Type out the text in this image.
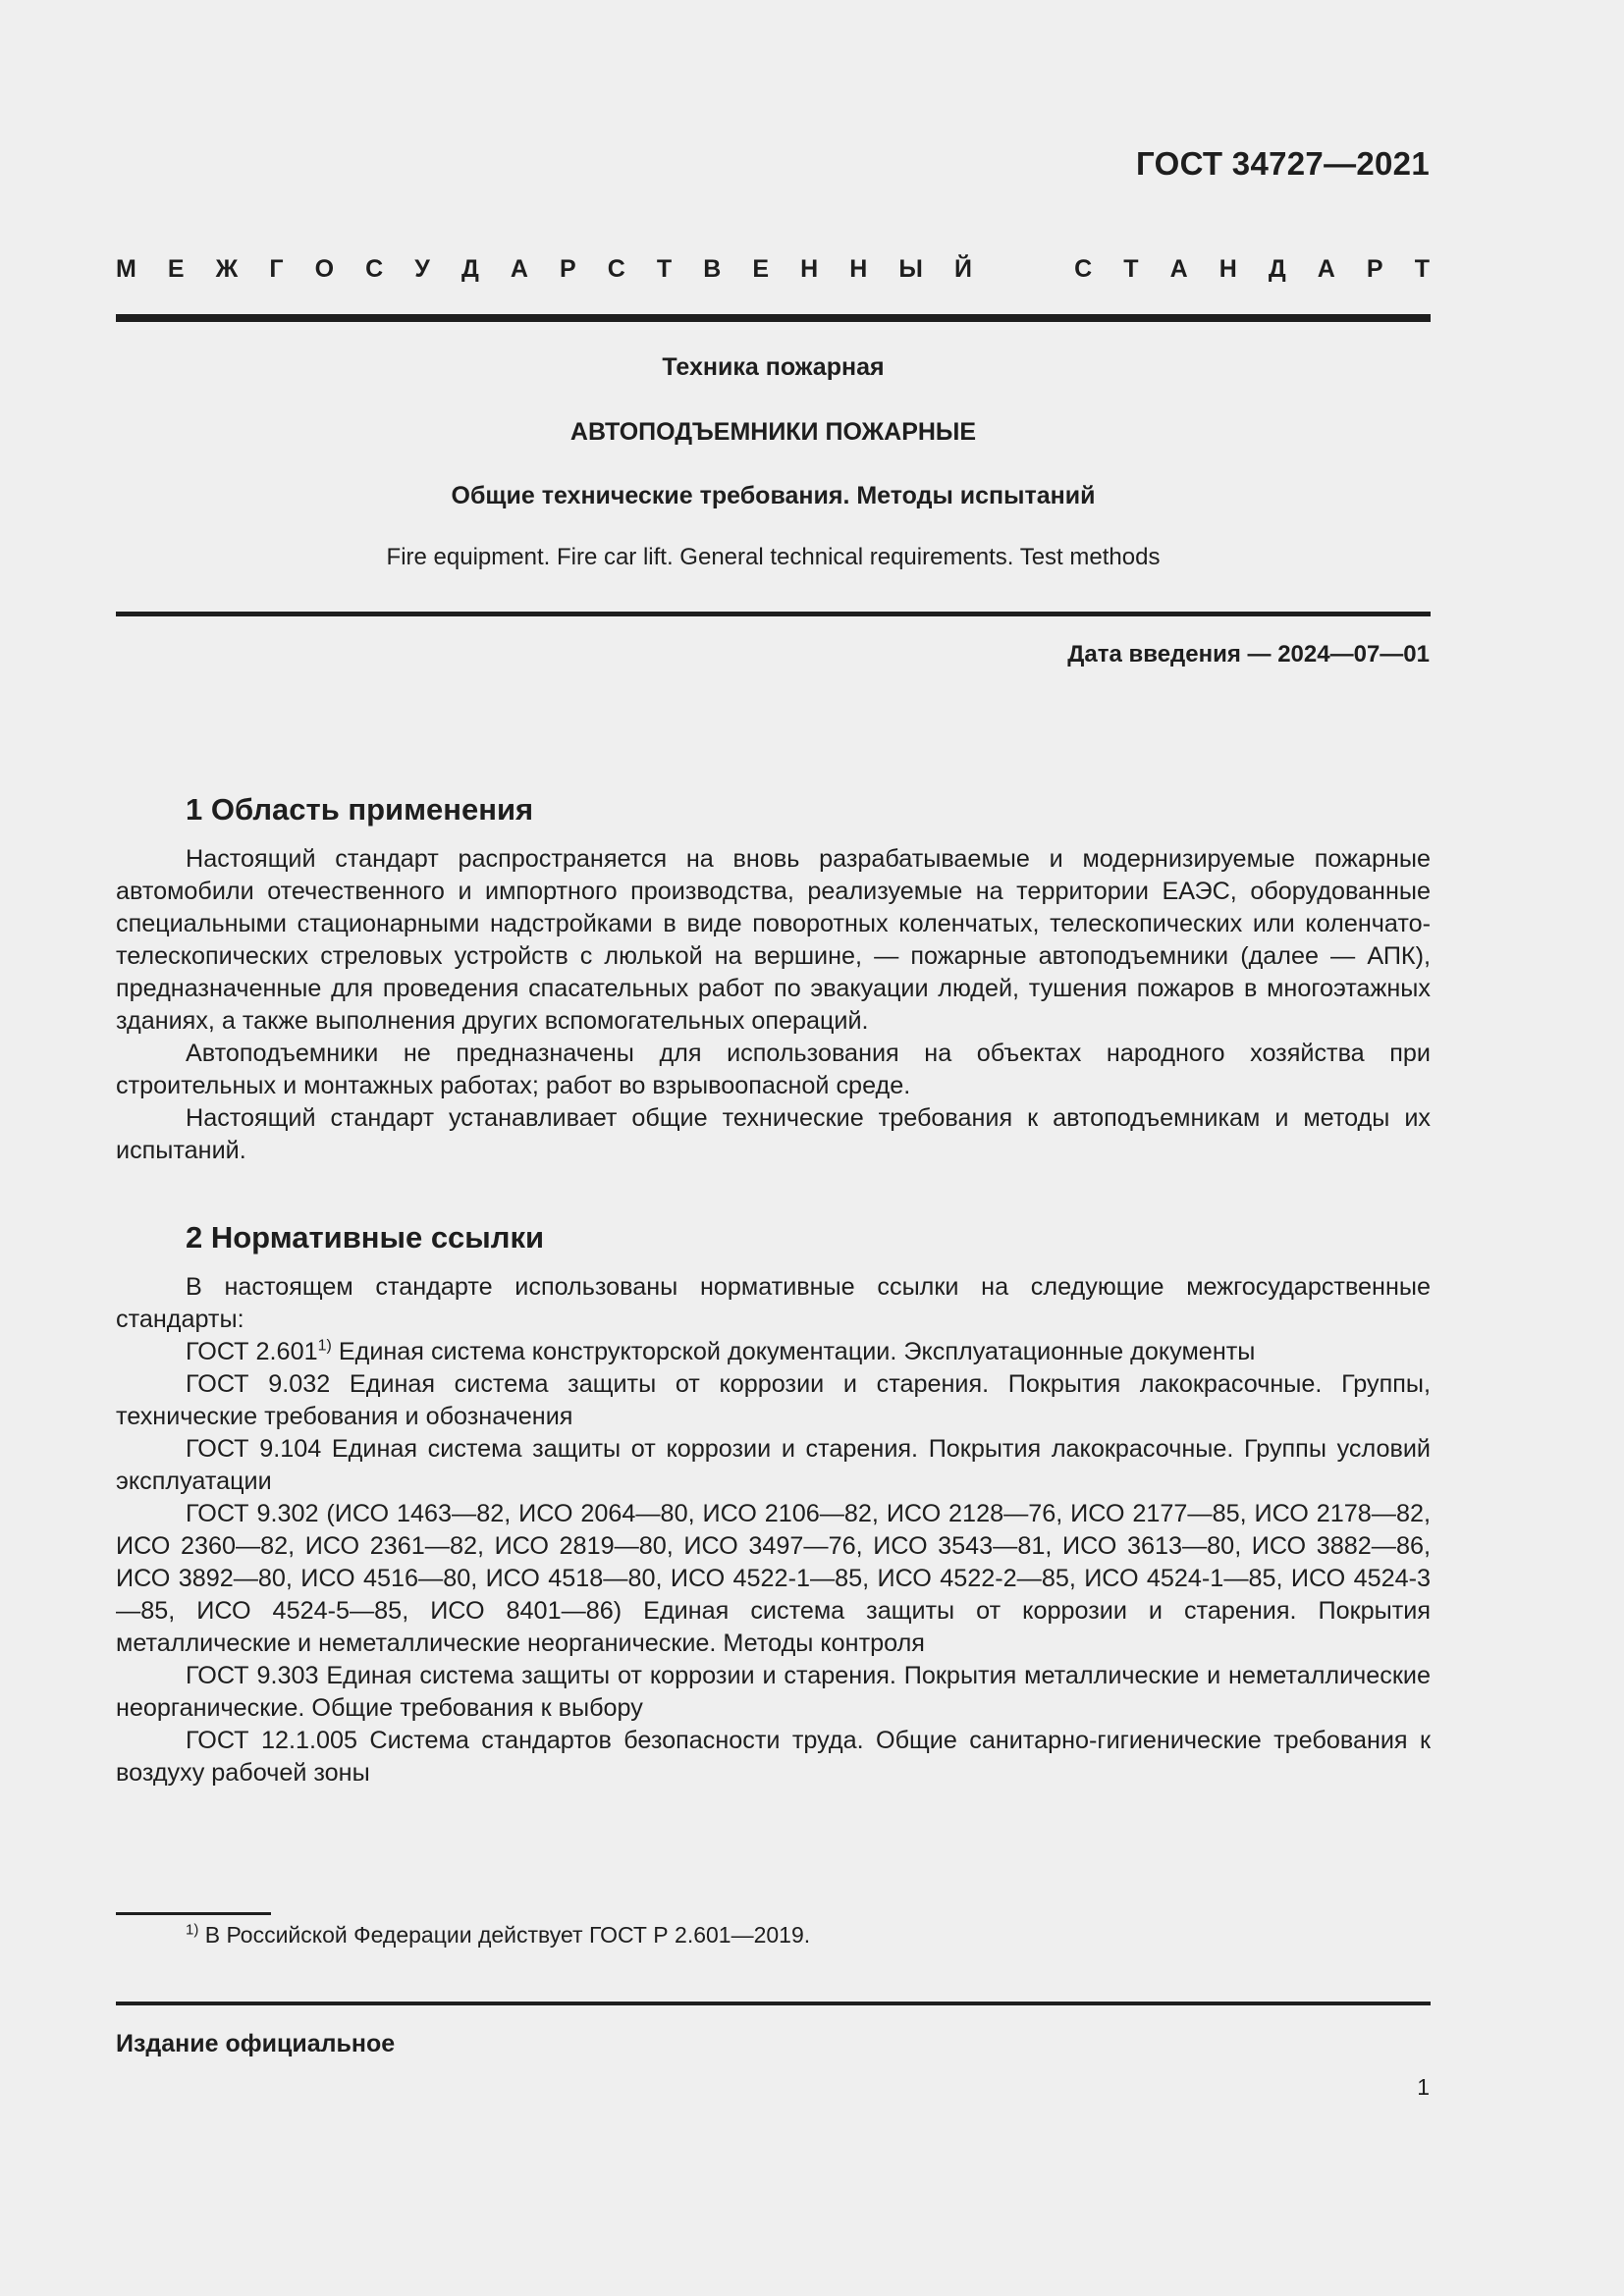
ГОСТ 34727—2021
М Е Ж Г О С У Д А Р С Т В Е Н Н Ы Й	С Т А Н Д А Р Т
Техника пожарная
АВТОПОДЪЕМНИКИ ПОЖАРНЫЕ
Общие технические требования. Методы испытаний
Fire equipment. Fire car lift. General technical requirements. Test methods
Дата введения — 2024—07—01
1 Область применения

Настоящий стандарт распространяется на вновь разрабатываемые и модернизируемые пожарные автомобили отечественного и импортного производства, реализуемые на территории ЕАЭС, оборудованные специальными стационарными надстройками в виде поворотных коленчатых, телескопических или коленчато-телескопических стреловых устройств с люлькой на вершине, — пожарные автоподъемники (далее — АПК), предназначенные для проведения спасательных работ по эвакуации людей, тушения пожаров в многоэтажных зданиях, а также выполнения других вспомогательных операций.

Автоподъемники не предназначены для использования на объектах народного хозяйства при строительных и монтажных работах; работ во взрывоопасной среде.

Настоящий стандарт устанавливает общие технические требования к автоподъемникам и методы их испытаний.

2 Нормативные ссылки

В настоящем стандарте использованы нормативные ссылки на следующие межгосударственные стандарты:

ГОСТ 2.601$^{1)}$ Единая система конструкторской документации. Эксплуатационные документы

ГОСТ 9.032 Единая система защиты от коррозии и старения. Покрытия лакокрасочные. Группы, технические требования и обозначения

ГОСТ 9.104 Единая система защиты от коррозии и старения. Покрытия лакокрасочные. Группы условий эксплуатации

ГОСТ 9.302 (ИСО 1463—82, ИСО 2064—80, ИСО 2106—82, ИСО 2128—76, ИСО 2177—85, ИСО 2178—82, ИСО 2360—82, ИСО 2361—82, ИСО 2819—80, ИСО 3497—76, ИСО 3543—81, ИСО 3613—80, ИСО 3882—86, ИСО 3892—80, ИСО 4516—80, ИСО 4518—80, ИСО 4522-1—85, ИСО 4522-2—85, ИСО 4524-1—85, ИСО 4524-3—85, ИСО 4524-5—85, ИСО 8401—86) Единая система защиты от коррозии и старения. Покрытия металлические и неметаллические неорганические. Методы контроля

ГОСТ 9.303 Единая система защиты от коррозии и старения. Покрытия металлические и неметаллические неорганические. Общие требования к выбору

ГОСТ 12.1.005 Система стандартов безопасности труда. Общие санитарно-гигиенические требования к воздуху рабочей зоны

$^{1)}$ В Российской Федерации действует ГОСТ Р 2.601—2019.
Издание официальное
1
